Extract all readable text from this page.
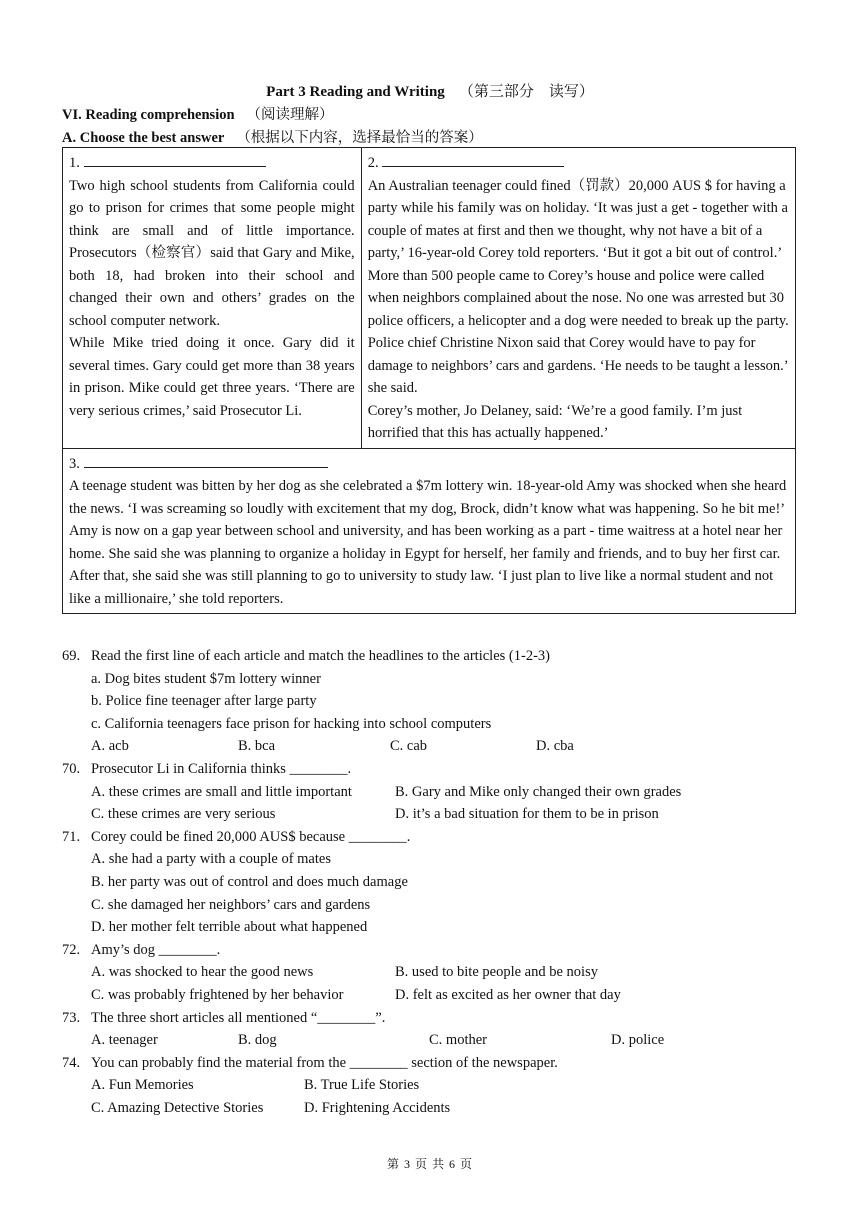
Part 3 Reading and Writing （第三部分　读写）
VI. Reading comprehension （阅读理解）
A. Choose the best answer （根据以下内容，选择最恰当的答案）
1.

Two high school students from California could go to prison for crimes that some people might think are small and of little importance. Prosecutors（检察官）said that Gary and Mike, both 18, had broken into their school and changed their own and others’ grades on the school computer network.

While Mike tried doing it once. Gary did it several times. Gary could get more than 38 years in prison. Mike could get three years. ‘There are very serious crimes,’ said Prosecutor Li.

2.

An Australian teenager could fined（罚款）20,000 AUS $ for having a party while his family was on holiday. ‘It was just a get - together with a couple of mates at first and then we thought, why not have a bit of a party,’ 16-year-old Corey told reporters. ‘But it got a bit out of control.’

More than 500 people came to Corey’s house and police were called when neighbors complained about the nose. No one was arrested but 30 police officers, a helicopter and a dog were needed to break up the party. Police chief Christine Nixon said that Corey would have to pay for damage to neighbors’ cars and gardens. ‘He needs to be taught a lesson.’ she said.

Corey’s mother, Jo Delaney, said: ‘We’re a good family. I’m just horrified that this has actually happened.’

3.

A teenage student was bitten by her dog as she celebrated a $7m lottery win. 18-year-old Amy was shocked when she heard the news. ‘I was screaming so loudly with excitement that my dog, Brock, didn’t know what was happening. So he bit me!’

Amy is now on a gap year between school and university, and has been working as a part - time waitress at a hotel near her home. She said she was planning to organize a holiday in Egypt for herself, her family and friends, and to buy her first car. After that, she said she was still planning to go to university to study law. ‘I just plan to live like a normal student and not like a millionaire,’ she told reporters.

69. Read the first line of each article and match the headlines to the articles (1-2-3)
a. Dog bites student $7m lottery winner
b. Police fine teenager after large party
c. California teenagers face prison for hacking into school computers
A. acb	B. bca	C. cab	D. cba
70. Prosecutor Li in California thinks ________.
A. these crimes are small and little important	B. Gary and Mike only changed their own grades
C. these crimes are very serious	D. it’s a bad situation for them to be in prison
71. Corey could be fined 20,000 AUS$ because ________.
A. she had a party with a couple of mates
B. her party was out of control and does much damage
C. she damaged her neighbors’ cars and gardens
D. her mother felt terrible about what happened
72. Amy’s dog ________.
A. was shocked to hear the good news	B. used to bite people and be noisy
C. was probably frightened by her behavior	D. felt as excited as her owner that day
73. The three short articles all mentioned “________”.
A. teenager	B. dog	C. mother	D. police
74. You can probably find the material from the ________ section of the newspaper.
A. Fun Memories	B. True Life Stories
C. Amazing Detective Stories	D. Frightening Accidents
第 3 页 共 6 页
